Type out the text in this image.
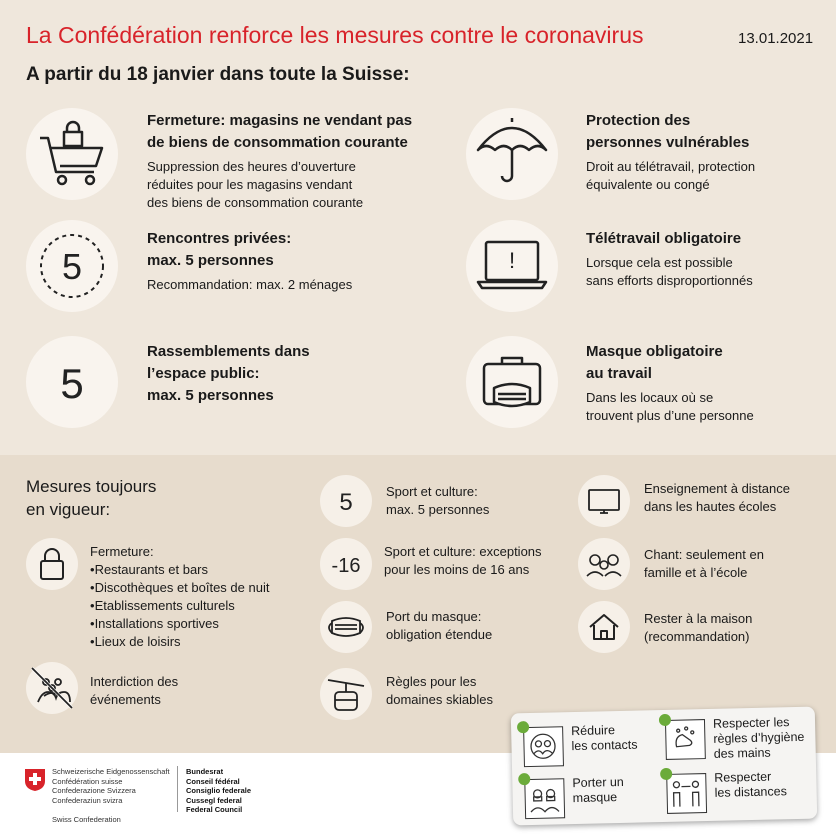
La Confédération renforce les mesures contre le coronavirus	13.01.2021
A partir du 18 janvier dans toute la Suisse:
Fermeture: magasins ne vendant pas
de biens de consommation courante
Suppression des heures d’ouverture
réduites pour les magasins vendant
des biens de consommation courante
Protection des
personnes vulnérables
Droit au télétravail, protection
équivalente ou congé
5
Rencontres privées:
max. 5 personnes
Recommandation: max. 2 ménages
!
Télétravail obligatoire
Lorsque cela est possible
sans efforts disproportionnés
5
Rassemblements dans
l’espace public:
max. 5 personnes
Masque obligatoire
au travail
Dans les locaux où se
trouvent plus d’une personne
Mesures toujours
en vigueur:
Fermeture:
• Restaurants et bars
• Discothèques et boîtes de nuit
• Etablissements culturels
• Installations sportives
• Lieux de loisirs
Interdiction des
événements
5	Sport et culture:
max. 5 personnes
-16
Sport et culture: exceptions
pour les moins de 16 ans
Port du masque:
obligation étendue
Règles pour les
domaines skiables
Enseignement à distance
dans les hautes écoles
Chant: seulement en
famille et à l’école
Rester à la maison
(recommandation)
Réduire
les contacts
Respecter les
règles d’hygiène
des mains
Porter un
masque
Respecter
les distances
Schweizerische Eidgenossenschaft
Confédération suisse
Confederazione Svizzera
Confederaziun svizra
Swiss Confederation
Bundesrat
Conseil fédéral
Consiglio federale
Cussegl federal
Federal Council
